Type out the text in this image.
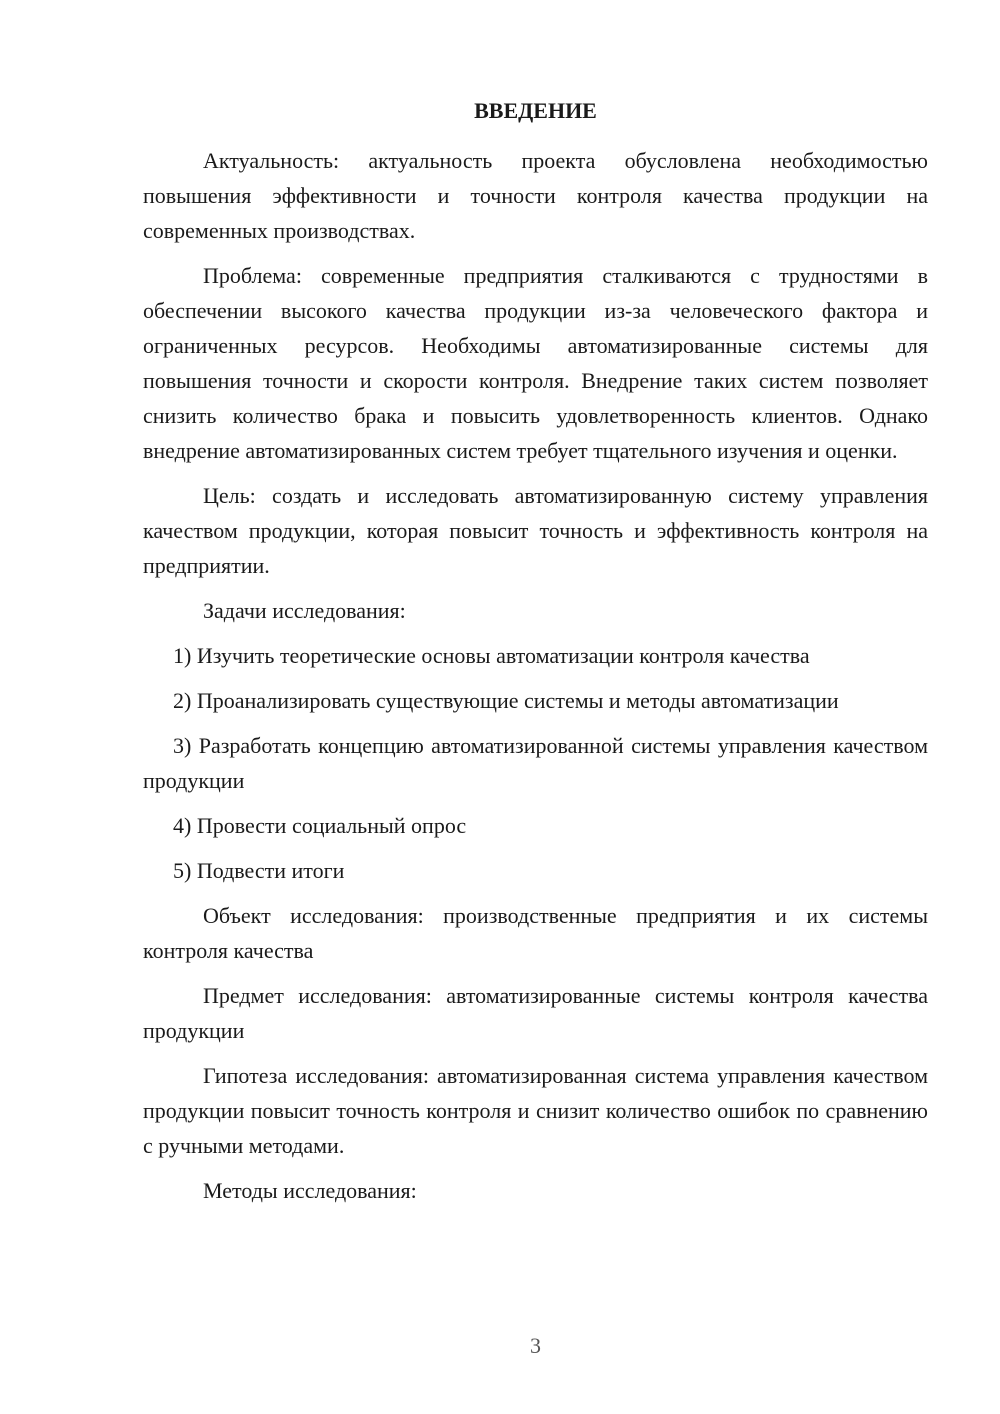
ВВЕДЕНИЕ

Актуальность: актуальность проекта обусловлена необходимостью повышения эффективности и точности контроля качества продукции на современных производствах.

Проблема: современные предприятия сталкиваются с трудностями в обеспечении высокого качества продукции из-за человеческого фактора и ограниченных ресурсов. Необходимы автоматизированные системы для повышения точности и скорости контроля. Внедрение таких систем позволяет снизить количество брака и повысить удовлетворенность клиентов. Однако внедрение автоматизированных систем требует тщательного изучения и оценки.

Цель: создать и исследовать автоматизированную систему управления качеством продукции, которая повысит точность и эффективность контроля на предприятии.

Задачи исследования:

1) Изучить теоретические основы автоматизации контроля качества

2) Проанализировать существующие системы и методы автоматизации

3) Разработать концепцию автоматизированной системы управления качеством продукции

4) Провести социальный опрос

5) Подвести итоги

Объект исследования: производственные предприятия и их системы контроля качества

Предмет исследования: автоматизированные системы контроля качества продукции

Гипотеза исследования: автоматизированная система управления качеством продукции повысит точность контроля и снизит количество ошибок по сравнению с ручными методами.

Методы исследования:

3
